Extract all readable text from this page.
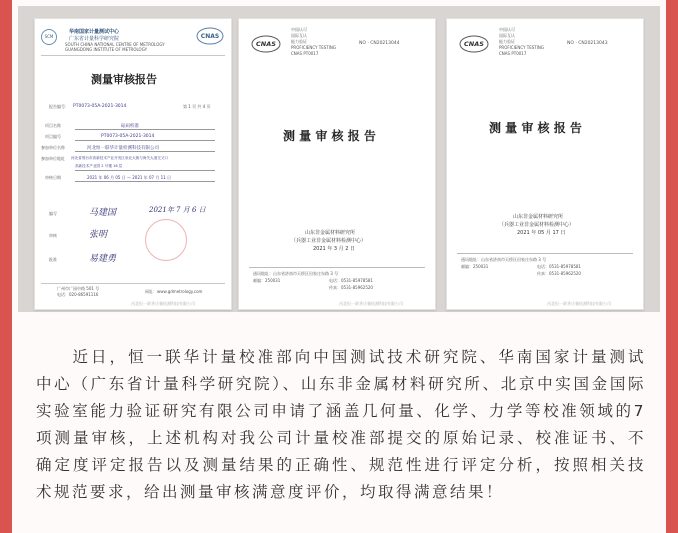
SCM
华南国家计量测试中心
广东省计量科学研究院
SOUTH CHINA NATIONAL CENTRE OF METROLOGY
GUANGDONG INSTITUTE OF METROLOGY
CNAS
测量审核报告
报告编号： PT0073-05A-2021-3014	第 1 页 共 4 页
项目名称	砝码校准
项目编号	PT0073-05A-2021-3014
参加单位名称	河北恒一联华计量检测科技有限公司
参加单位地址 河北省邢台市高新技术产业开发区泉北大街与海关大道交叉口
高新技术产业园 2 号楼 16 层
审核日期	2021 年 06 月 05 日 — 2021 年 07 月 11 日
编写	马建国	2021年 7 月 6 日
审核	张明
批准	易建勇
广州市广园中路 501 号
电话：020-86591116
网址：www.gdmetrology.com
河北恒一联华计量检测科技有限公司
中国认可
国际互认
能力验证
PROFICIENCY TESTING
CNAS PT0017
CNAS	NO · CN20213044
测 量 审 核 报 告
山东非金属材料研究所
（兵器工业非金属材料检测中心）
2021 年 3 月 2 日
通讯地址：山东省济南市天桥区田家庄东路 3 号
邮编：250031	电话：0531-85978581
传真：0531-85962520
河北恒一联华计量检测科技有限公司
中国认可
国际互认
能力验证
PROFICIENCY TESTING
CNAS PT0017
CNAS	NO · CN20213043
测 量 审 核 报 告
山东非金属材料研究所
（兵器工业非金属材料检测中心）
2021 年 05 月 17 日
通讯地址：山东省济南市天桥区田家庄东路 3 号
邮编：250031	电话：0531-85978581
传真：0531-85962520
河北恒一联华计量检测科技有限公司
近日，恒一联华计量校准部向中国测试技术研究院、华南国家计量测试中心（广东省计量科学研究院）、山东非金属材料研究所、北京中实国金国际实验室能力验证研究有限公司申请了涵盖几何量、化学、力学等校准领域的7项测量审核，上述机构对我公司计量校准部提交的原始记录、校准证书、不确定度评定报告以及测量结果的正确性、规范性进行评定分析，按照相关技术规范要求，给出测量审核满意度评价，均取得满意结果！
